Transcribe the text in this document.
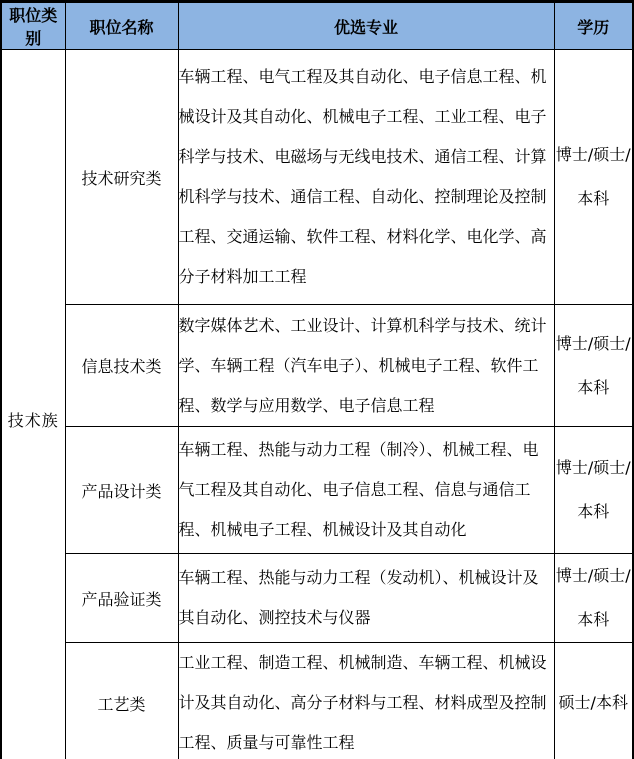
职位类别	职位名称	优选专业	学历
技术族	技术研究类	车辆工程、电气工程及其自动化、电子信息工程、机械设计及其自动化、机械电子工程、工业工程、电子科学与技术、电磁场与无线电技术、通信工程、计算机科学与技术、通信工程、自动化、控制理论及控制工程、交通运输、软件工程、材料化学、电化学、高分子材料加工工程	博士/硕士/本科
	信息技术类	数字媒体艺术、工业设计、计算机科学与技术、统计学、车辆工程（汽车电子）、机械电子工程、软件工程、数学与应用数学、电子信息工程	博士/硕士/本科
	产品设计类	车辆工程、热能与动力工程（制冷）、机械工程、电气工程及其自动化、电子信息工程、信息与通信工程、机械电子工程、机械设计及其自动化	博士/硕士/本科
	产品验证类	车辆工程、热能与动力工程（发动机）、机械设计及其自动化、测控技术与仪器	博士/硕士/本科
	工艺类	工业工程、制造工程、机械制造、车辆工程、机械设计及其自动化、高分子材料与工程、材料成型及控制工程、质量与可靠性工程	硕士/本科
